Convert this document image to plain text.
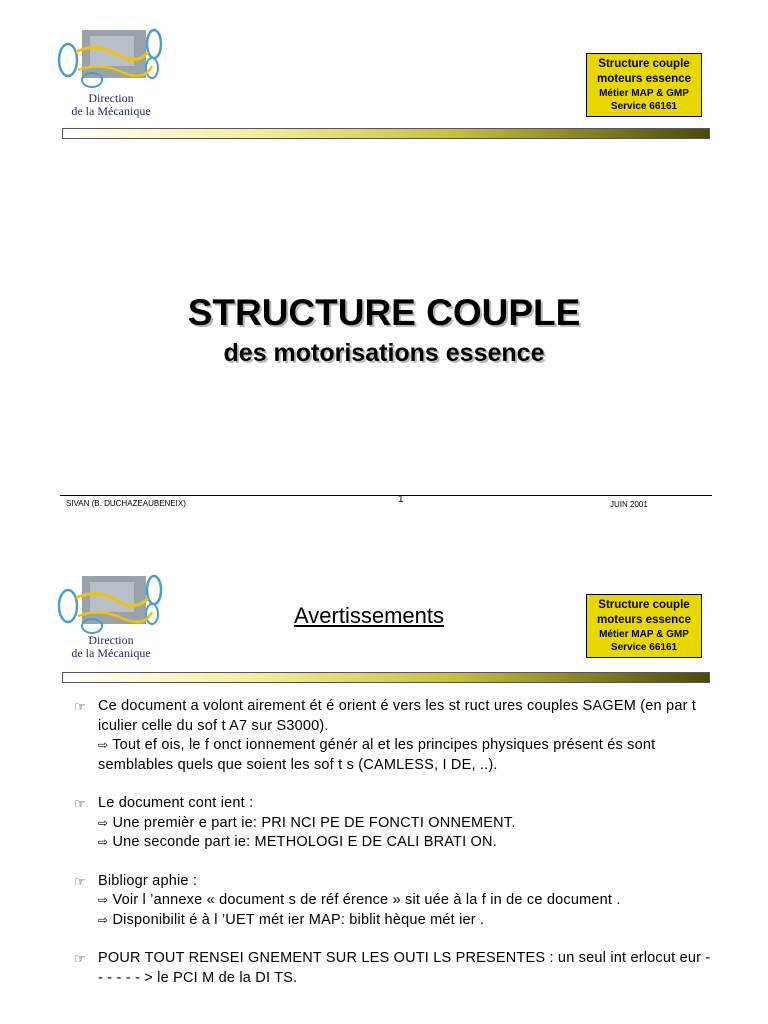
Direction
de la Mécanique
Structure couple
moteurs essence
Métier MAP & GMP
Service 66161
STRUCTURE COUPLE
des motorisations essence
SIVAN (B. DUCHAZEAUBENEIX)	1	JUIN 2001
Direction
de la Mécanique
Avertissements	Structure couple
moteurs essence
Métier MAP & GMP
Service 66161
☞ Ce document a volont airement ét é orient é vers les st ruct ures couples SAGEM (en par t iculier celle du sof t A7 sur S3000).
⇨ Tout ef ois, le f onct ionnement génér al et les principes physiques présent és sont semblables quels que soient les sof t s (CAMLESS, I DE, ..).
☞ Le document cont ient :
⇨ Une premièr e part ie: PRI NCI PE DE FONCTI ONNEMENT.
⇨ Une seconde part ie: METHOLOGI E DE CALI BRATI ON.
☞ Bibliogr aphie :
⇨ Voir l ’annexe « document s de réf érence » sit uée à la f in de ce document .
⇨ Disponibilit é à l ’UET mét ier MAP: biblit hèque mét ier .
☞ POUR TOUT RENSEI GNEMENT SUR LES OUTI LS PRESENTES : un seul int erlocut eur - - - - - - > le PCI M de la DI TS.
